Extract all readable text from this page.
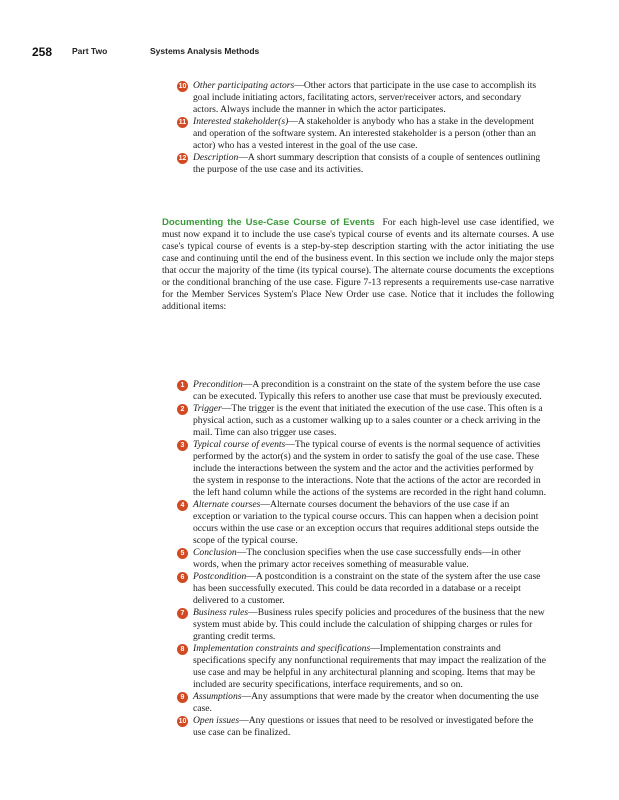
258 Part Two	Systems Analysis Methods
10 Other participating actors—Other actors that participate in the use case to accomplish its goal include initiating actors, facilitating actors, server/receiver actors, and secondary actors. Always include the manner in which the actor participates.
11 Interested stakeholder(s)—A stakeholder is anybody who has a stake in the development and operation of the software system. An interested stakeholder is a person (other than an actor) who has a vested interest in the goal of the use case.
12 Description—A short summary description that consists of a couple of sentences outlining the purpose of the use case and its activities.
Documenting the Use-Case Course of Events For each high-level use case identified, we must now expand it to include the use case's typical course of events and its alternate courses. A use case's typical course of events is a step-by-step description starting with the actor initiating the use case and continuing until the end of the business event. In this section we include only the major steps that occur the majority of the time (its typical course). The alternate course documents the exceptions or the conditional branching of the use case. Figure 7-13 represents a requirements use-case narrative for the Member Services System's Place New Order use case. Notice that it includes the following additional items:
1 Precondition—A precondition is a constraint on the state of the system before the use case can be executed. Typically this refers to another use case that must be previously executed.
2 Trigger—The trigger is the event that initiated the execution of the use case. This often is a physical action, such as a customer walking up to a sales counter or a check arriving in the mail. Time can also trigger use cases.
3 Typical course of events—The typical course of events is the normal sequence of activities performed by the actor(s) and the system in order to satisfy the goal of the use case. These include the interactions between the system and the actor and the activities performed by the system in response to the interactions. Note that the actions of the actor are recorded in the left hand column while the actions of the systems are recorded in the right hand column.
4 Alternate courses—Alternate courses document the behaviors of the use case if an exception or variation to the typical course occurs. This can happen when a decision point occurs within the use case or an exception occurs that requires additional steps outside the scope of the typical course.
5 Conclusion—The conclusion specifies when the use case successfully ends—in other words, when the primary actor receives something of measurable value.
6 Postcondition—A postcondition is a constraint on the state of the system after the use case has been successfully executed. This could be data recorded in a database or a receipt delivered to a customer.
7 Business rules—Business rules specify policies and procedures of the business that the new system must abide by. This could include the calculation of shipping charges or rules for granting credit terms.
8 Implementation constraints and specifications—Implementation constraints and specifications specify any nonfunctional requirements that may impact the realization of the use case and may be helpful in any architectural planning and scoping. Items that may be included are security specifications, interface requirements, and so on.
9 Assumptions—Any assumptions that were made by the creator when documenting the use case.
10 Open issues—Any questions or issues that need to be resolved or investigated before the use case can be finalized.
